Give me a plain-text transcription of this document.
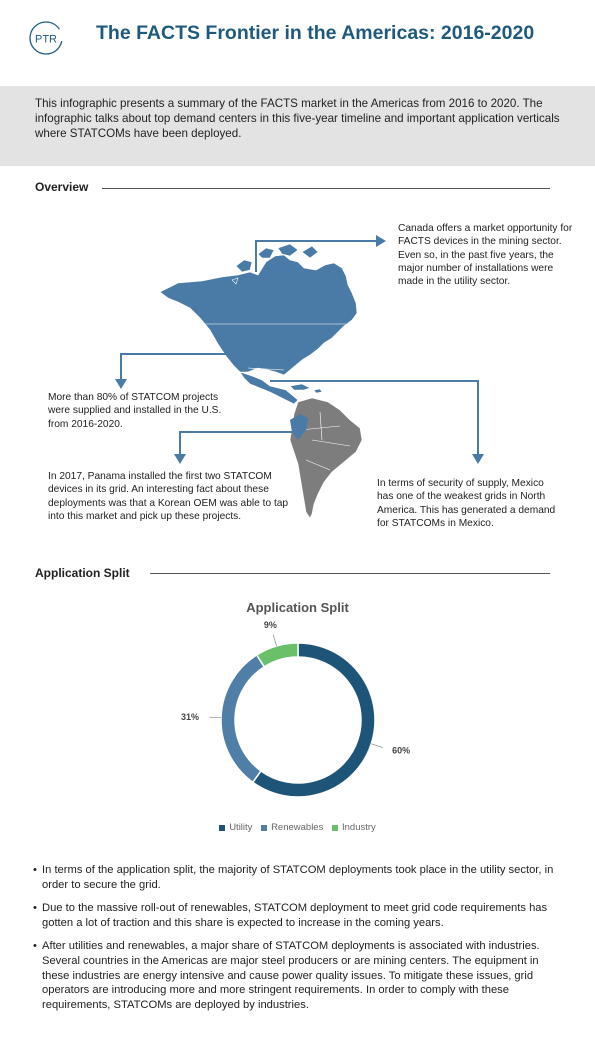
PTR The FACTS Frontier in the Americas: 2016-2020
This infographic presents a summary of the FACTS market in the Americas from 2016 to 2020. The infographic talks about top demand centers in this five-year timeline and important application verticals where STATCOMs have been deployed.
Overview
Canada offers a market opportunity for FACTS devices in the mining sector. Even so, in the past five years, the major number of installations were made in the utility sector.
More than 80% of STATCOM projects were supplied and installed in the U.S. from 2016-2020.
In 2017, Panama installed the first two STATCOM devices in its grid. An interesting fact about these deployments was that a Korean OEM was able to tap into this market and pick up these projects.
In terms of security of supply, Mexico has one of the weakest grids in North America. This has generated a demand for STATCOMs in Mexico.
Application Split
Application Split
60%
31%
9%
Utility
Renewables
Industry
• In terms of the application split, the majority of STATCOM deployments took place in the utility sector, in order to secure the grid.
• Due to the massive roll-out of renewables, STATCOM deployment to meet grid code requirements has gotten a lot of traction and this share is expected to increase in the coming years.
• After utilities and renewables, a major share of STATCOM deployments is associated with industries. Several countries in the Americas are major steel producers or are mining centers. The equipment in these industries are energy intensive and cause power quality issues. To mitigate these issues, grid operators are introducing more and more stringent requirements. In order to comply with these requirements, STATCOMs are deployed by industries.
